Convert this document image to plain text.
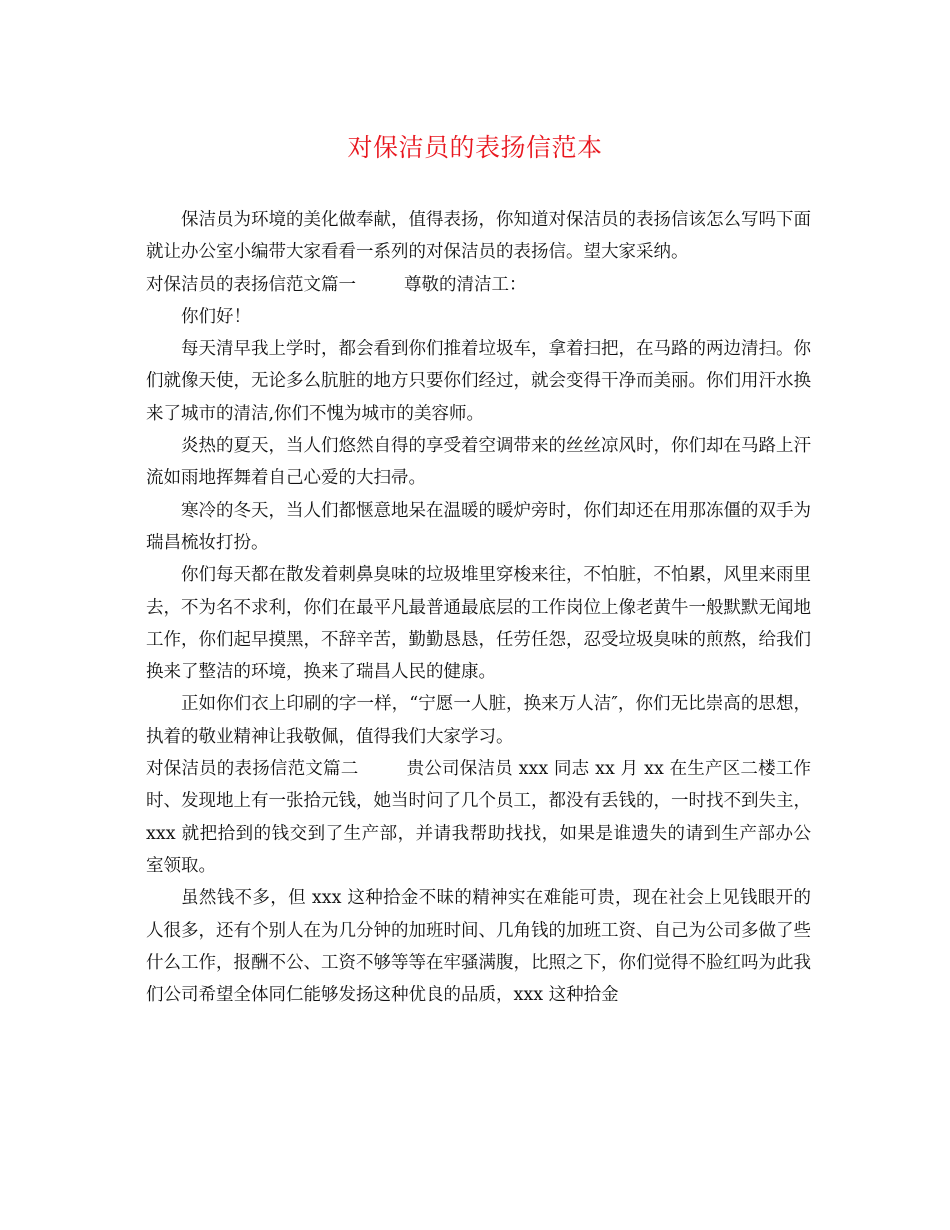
对保洁员的表扬信范本

保洁员为环境的美化做奉献，值得表扬，你知道对保洁员的表扬信该怎么写吗下面就让办公室小编带大家看看一系列的对保洁员的表扬信。望大家采纳。

对保洁员的表扬信范文篇一	尊敬的清洁工：

你们好！

每天清早我上学时，都会看到你们推着垃圾车，拿着扫把，在马路的两边清扫。你们就像天使，无论多么肮脏的地方只要你们经过，就会变得干净而美丽。你们用汗水换来了城市的清洁,你们不愧为城市的美容师。

炎热的夏天，当人们悠然自得的享受着空调带来的丝丝凉风时，你们却在马路上汗流如雨地挥舞着自己心爱的大扫帚。

寒冷的冬天，当人们都惬意地呆在温暖的暖炉旁时，你们却还在用那冻僵的双手为瑞昌梳妆打扮。

你们每天都在散发着刺鼻臭味的垃圾堆里穿梭来往，不怕脏，不怕累，风里来雨里去，不为名不求利，你们在最平凡最普通最底层的工作岗位上像老黄牛一般默默无闻地工作，你们起早摸黑，不辞辛苦，勤勤恳恳，任劳任怨，忍受垃圾臭味的煎熬，给我们换来了整洁的环境，换来了瑞昌人民的健康。

正如你们衣上印刷的字一样，“宁愿一人脏，换来万人洁″，你们无比崇高的思想，执着的敬业精神让我敬佩，值得我们大家学习。

对保洁员的表扬信范文篇二	贵公司保洁员 xxx 同志 xx 月 xx 在生产区二楼工作时、发现地上有一张拾元钱，她当时问了几个员工，都没有丢钱的，一时找不到失主，xxx 就把拾到的钱交到了生产部，并请我帮助找找，如果是谁遗失的请到生产部办公室领取。

虽然钱不多，但 xxx 这种拾金不昧的精神实在难能可贵，现在社会上见钱眼开的人很多，还有个别人在为几分钟的加班时间、几角钱的加班工资、自己为公司多做了些什么工作，报酬不公、工资不够等等在牢骚满腹，比照之下，你们觉得不脸红吗为此我们公司希望全体同仁能够发扬这种优良的品质，xxx 这种拾金
